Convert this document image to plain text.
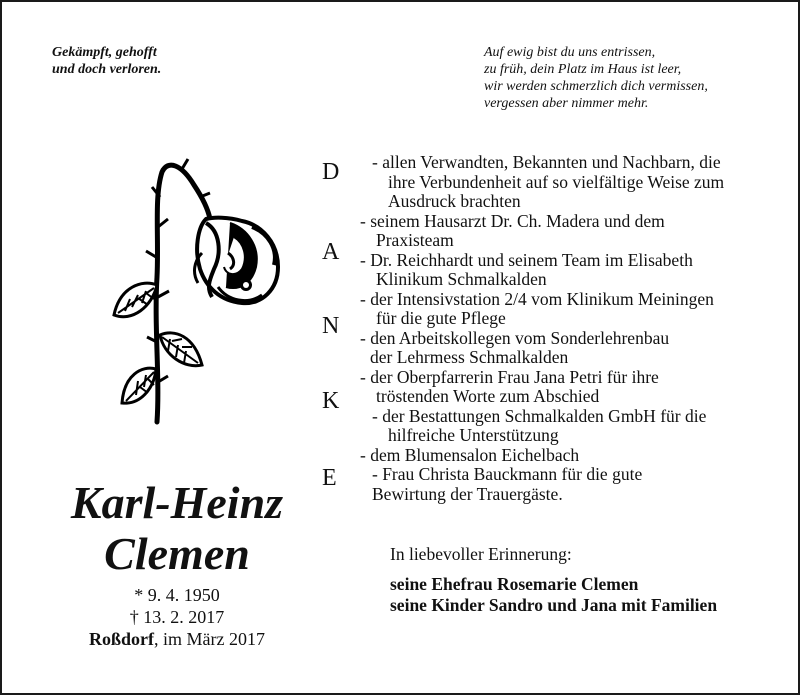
Gekämpft, gehofft
und doch verloren.
Auf ewig bist du uns entrissen,
zu früh, dein Platz im Haus ist leer,
wir werden schmerzlich dich vermissen,
vergessen aber nimmer mehr.
Karl-Heinz
Clemen
* 9. 4. 1950
† 13. 2. 2017
Roßdorf, im März 2017
D
A
N
K
E
- allen Verwandten, Bekannten und Nachbarn, die
ihre Verbundenheit auf so vielfältige Weise zum
Ausdruck brachten
- seinem Hausarzt Dr. Ch. Madera und dem
Praxisteam
- Dr. Reichhardt und seinem Team im Elisabeth
Klinikum Schmalkalden
- der Intensivstation 2/4 vom Klinikum Meiningen
für die gute Pflege
- den Arbeitskollegen vom Sonderlehrenbau
der Lehrmess Schmalkalden
- der Oberpfarrerin Frau Jana Petri für ihre
tröstenden Worte zum Abschied
- der Bestattungen Schmalkalden GmbH für die
hilfreiche Unterstützung
- dem Blumensalon Eichelbach
- Frau Christa Bauckmann für die gute
Bewirtung der Trauergäste.
In liebevoller Erinnerung:
seine Ehefrau Rosemarie Clemen
seine Kinder Sandro und Jana mit Familien
